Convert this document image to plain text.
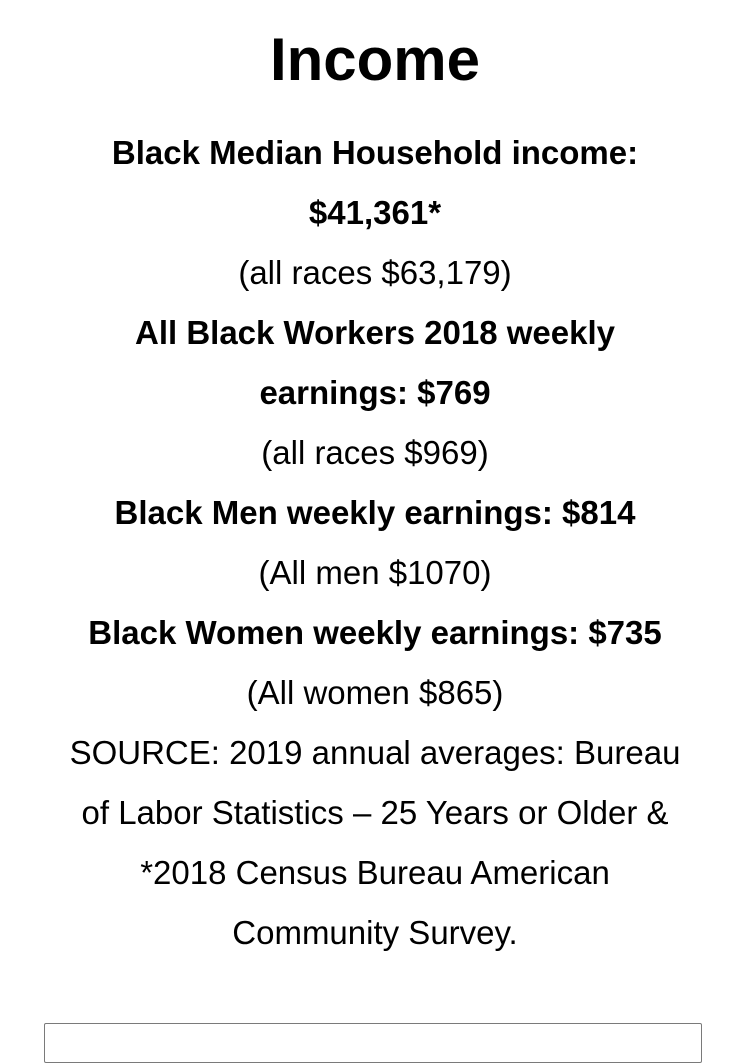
Income
Black Median Household income:
$41,361*
(all races $63,179)
All Black Workers 2018 weekly
earnings: $769
(all races $969)
Black Men weekly earnings: $814
(All men $1070)
Black Women weekly earnings: $735
(All women $865)
SOURCE: 2019 annual averages: Bureau
of Labor Statistics – 25 Years or Older &
*2018 Census Bureau American
Community Survey.
